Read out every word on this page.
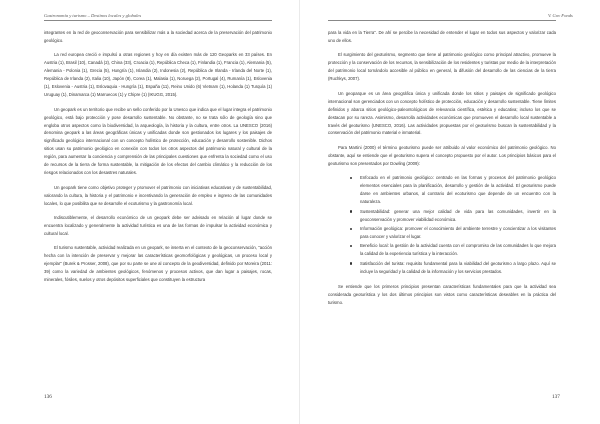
Gastronomía y turismo – Destinos locales y globales

integrantes en la red de geoconservación para sensibilizar más a la sociedad acerca de la preservación del patrimonio geológico.

La red europea creció e impulsó a otras regiones y hoy en día existen más de 120 Geoparks en 33 países. En Austria (1), Brasil (10), Canadá (2), China (33), Croacia (1), República Checa (1), Finlandia (1), Francia (1), Alemania (5), Alemania - Polonia (1), Grecia (5), Hungría (1), Islandia (2), Indonesia (2), República de Irlanda - Irlanda del Norte (1), República de Irlanda (2), Italia (10), Japón (8), Corea (1), Malasia (1), Noruega (2), Portugal (4), Rumanía (1), Eslovenia (1), Eslovenia - Austria (1), Eslovaquia - Hungría (1), España (11), Reino Unido (6) Vietnam (1), Holanda (1) Turquía (1) Uruguay (1), Dinamarca (1) Marruecos (1) y Chipre (1) (IKUGG, 2015).

Un geopark es un territorio que recibe un sello conferido por la Unesco que indica que el lugar integra el patrimonio geológico, está bajo protección y pose desarrollo sustentable. No obstante, no se trata sólo de geología sino que engloba otros aspectos como la biodiversidad, la arqueología, la historia y la cultura, entre otros. La UNESCO (2016) denomina geopark a las áreas geográficas únicas y unificadas donde son gestionados los lugares y los paisajes de significado geológico internacional con un concepto holístico de protección, educación y desarrollo sostenible. Dichos sitios usan su patrimonio geológico en conexión con todos los otros aspectos del patrimonio natural y cultural de la región, para aumentar la conciencia y comprensión de las principales cuestiones que enfrenta la sociedad como el uso de recursos de la tierra de forma sustentable, la mitigación de los efectos del cambio climático y la reducción de los riesgos relacionados con los desastres naturales.

Un geopark tiene como objetivo proteger y promover el patrimonio con iniciativas educativas y de sustentabilidad, valorando la cultura, la historia y el patrimonio e incentivando la generación de empleo e ingreso de las comunidades locales, lo que posibilita que se desarrolle el ecoturismo y la gastronomía local.

Indiscutiblemente, el desarrollo económico de un geopark debe ser advisado en relación al lugar donde se encuentra localizado y generalmente la actividad turística es una de las formas de impulsar la actividad económica y cultural local.

El turismo sustentable, actividad realizada en un geopark, se inserta en el contexto de la geoconservación, "acción hecha con la intención de preservar y mejorar las características geomorfológicas y geológicas, un proceso local y ejemplar" (Burek & Prosser, 2008), que por su parte se une al concepto de la geodiversidad, definido por Moreira (2011: 39) como la variedad de ambientes geológicos, fenómenos y procesos activos, que dan lugar a paisajes, rocas, minerales, fósiles, suelos y otros depósitos superficiales que constituyen la estructura

136
V. Gov Fonds

para la vida en la Tierra". De ahí se percibe la necesidad de entender el lugar en todos sus aspectos y valorizar cada uno de ellos.

El surgimiento del geoturismo, segmento que tiene al patrimonio geológico como principal atractivo, promueve la protección y la conservación de los recursos, la sensibilización de los residentes y turistas por medio de la interpretación del patrimonio local tornándolo accesible al público en general, la difusión del desarrollo de las ciencias de la tierra (Ruchkys, 2007).

Un geoparque es un área geográfica única y unificada donde los sitios y paisajes de significado geológico internacional son gerenciados con un concepto holístico de protección, educación y desarrollo sustentable. Tiene límites definidos y abarca sitios geológico-paleontológicos de relevancia científica, estética y educativa; incluso los que se destacan por su rareza. Asimismo, desarrolla actividades económicas que promueven el desarrollo local sustentable a través del geoturismo (UNESCO, 2016). Las actividades propuestas por el geoturismo buscan la sustentabilidad y la conservación del patrimonio material e inmaterial.

Para Martini (2000) el término geoturismo puede ser atribuido al valor económico del patrimonio geológico. No obstante, aquí se entiende que el geoturismo supera el concepto propuesto por el autor. Los principios básicos para el geoturismo son presentados por Dowling (2009):

Enfocado en el patrimonio geológico: centrado en las formas y procesos del patrimonio geológico elementos esenciales para la planificación, desarrollo y gestión de la actividad. El geoturismo puede darse en ambientes urbanos, al contrario del ecoturismo que depende de un encuentro con la naturaleza.
Sustentabilidad: generar una mejor calidad de vida para las comunidades, invertir en la geoconservación y promover viabilidad económica.
Información geológica: promover el conocimiento del ambiente terrestre y concientizar a los visitantes para conocer y valorizar el lugar.
Beneficio local: la gestión de la actividad cuenta con el compromiso de las comunidades lo que mejora la calidad de la experiencia turística y la interacción.
Satisfacción del turista: requisito fundamental para la viabilidad del geoturismo a largo plazo. Aquí se incluye la seguridad y la calidad de la información y los servicios prestados.

Se entiende que los primeros principios presentan características fundamentales para que la actividad sea considerada geoturística y los dos últimos principios son vistos como características deseables en la práctica del turismo.

137
